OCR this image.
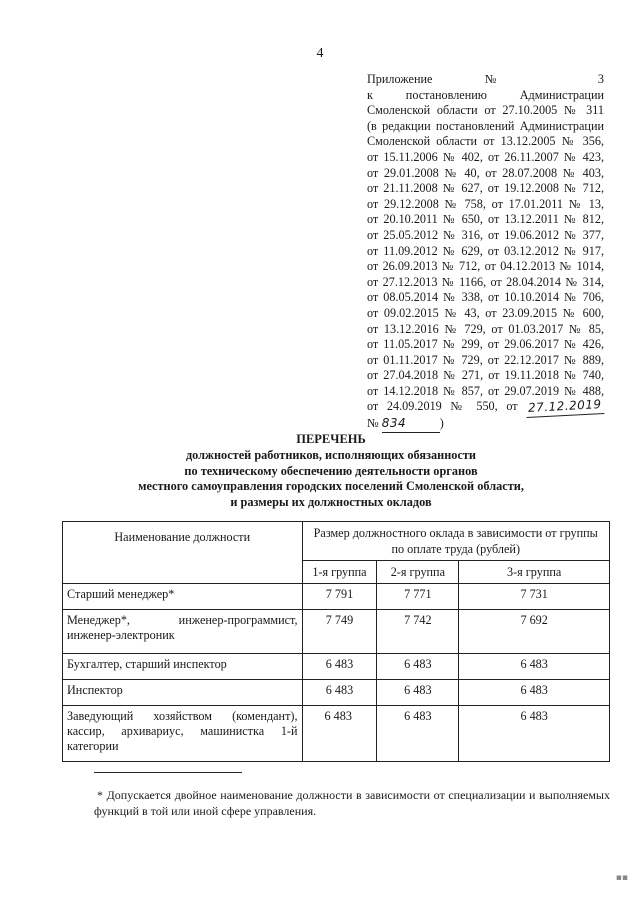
4
Приложение № 3
к постановлению Администрации
Смоленской области от 27.10.2005 № 311
(в редакции постановлений Администрации
Смоленской области от 13.12.2005 № 356,
от 15.11.2006 № 402, от 26.11.2007 № 423,
от 29.01.2008 № 40, от 28.07.2008 № 403,
от 21.11.2008 № 627, от 19.12.2008 № 712,
от 29.12.2008 № 758, от 17.01.2011 № 13,
от 20.10.2011 № 650, от 13.12.2011 № 812,
от 25.05.2012 № 316, от 19.06.2012 № 377,
от 11.09.2012 № 629, от 03.12.2012 № 917,
от 26.09.2013 № 712, от 04.12.2013 № 1014,
от 27.12.2013 № 1166, от 28.04.2014 № 314,
от 08.05.2014 № 338, от 10.10.2014 № 706,
от 09.02.2015 № 43, от 23.09.2015 № 600,
от 13.12.2016 № 729, от 01.03.2017 № 85,
от 11.05.2017 № 299, от 29.06.2017 № 426,
от 01.11.2017 № 729, от 22.12.2017 № 889,
от 27.04.2018 № 271, от 19.11.2018 № 740,
от 14.12.2018 № 857, от 29.07.2019 № 488,
от 24.09.2019 № 550, от 27.12.2019
№ 834	)
ПЕРЕЧЕНЬ
должностей работников, исполняющих обязанности
по техническому обеспечению деятельности органов
местного самоуправления городских поселений Смоленской области,
и размеры их должностных окладов
Наименование должности	Размер должностного оклада в зависимости от группы по оплате труда (рублей)		
	1-я группа	2-я группа	3-я группа
Старший менеджер*	7 791	7 771	7 731
Менеджер*, инженер-программист, инженер-электроник	7 749	7 742	7 692
Бухгалтер, старший инспектор	6 483	6 483	6 483
Инспектор	6 483	6 483	6 483
Заведующий хозяйством (комендант), кассир, архивариус, машинистка 1-й категории	6 483	6 483	6 483
* Допускается двойное наименование должности в зависимости от специализации и выполняемых функций в той или иной сфере управления.
▪▪
